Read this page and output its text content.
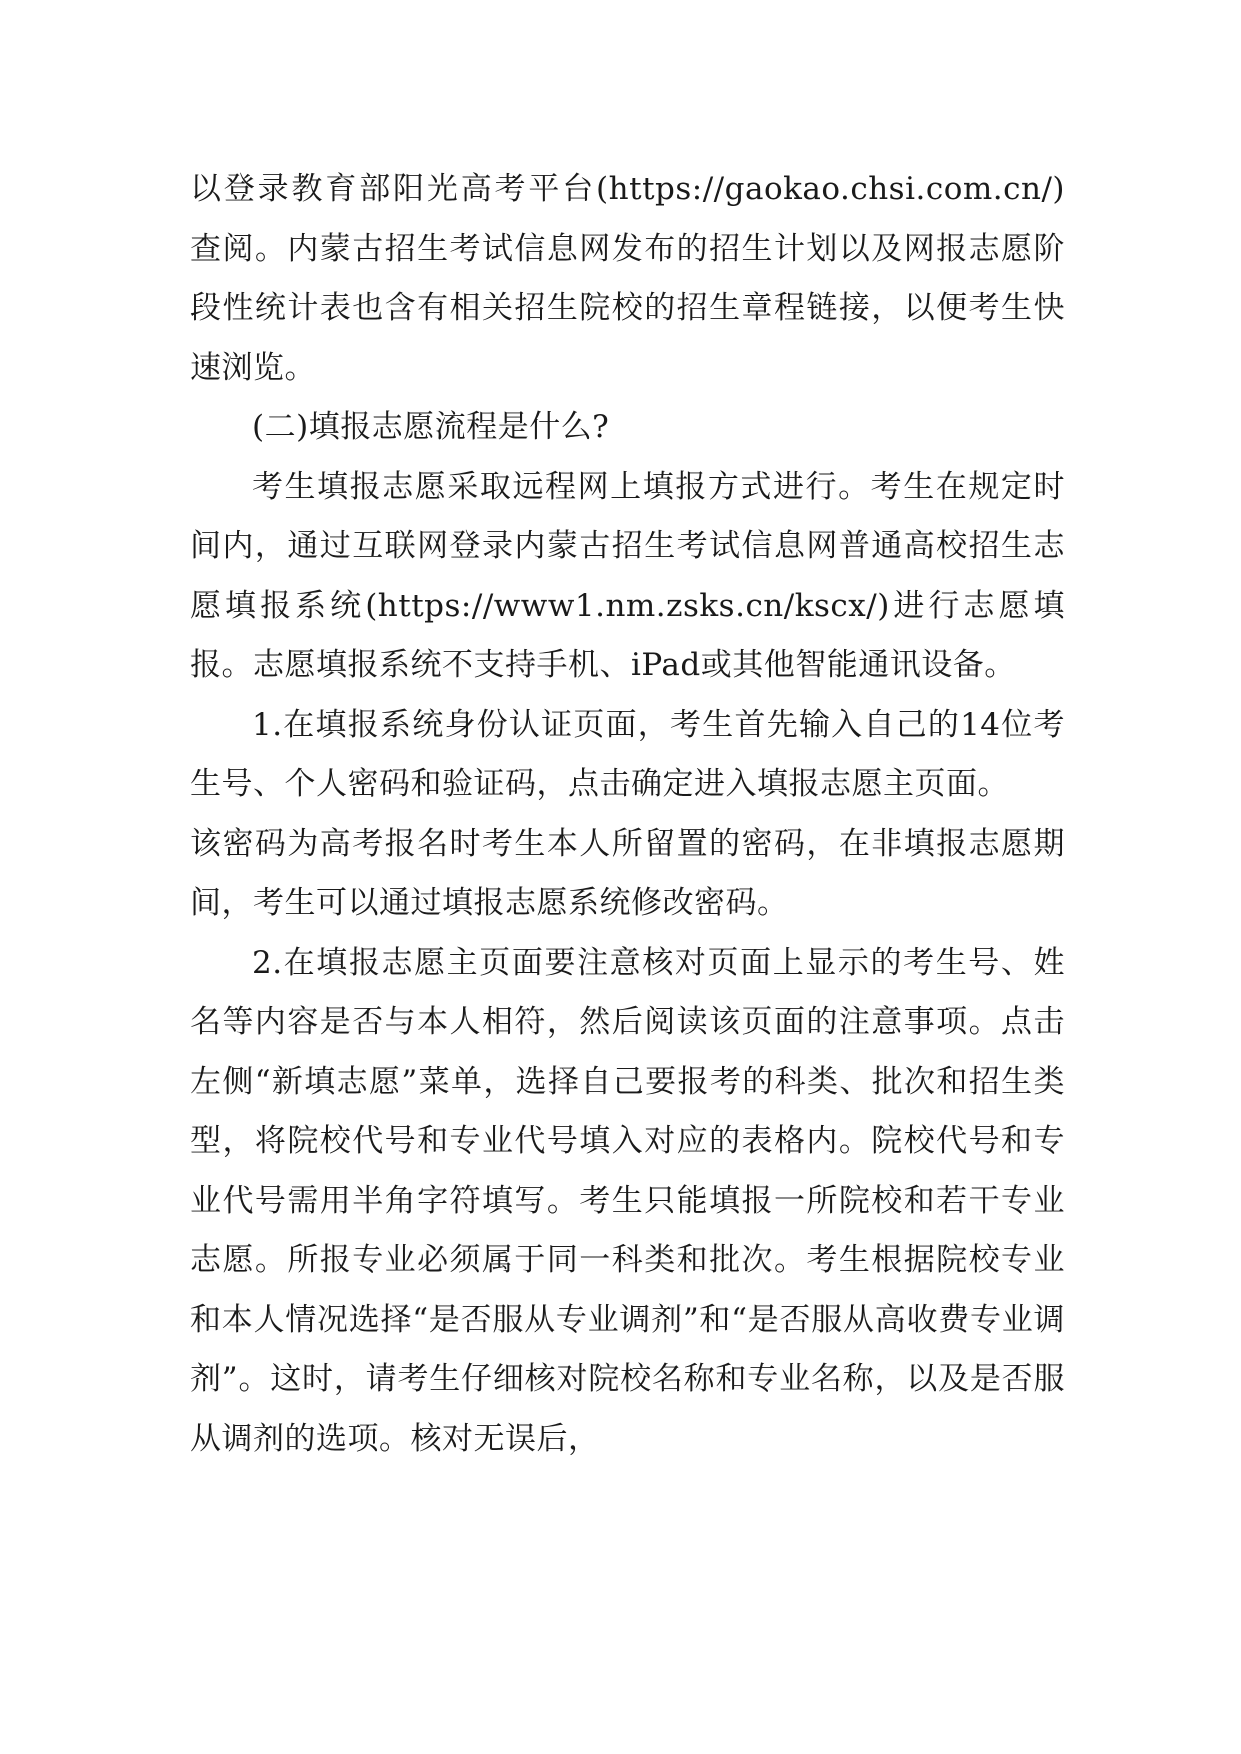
以登录教育部阳光高考平台(https://gaokao.chsi.com.cn/)查阅。内蒙古招生考试信息网发布的招生计划以及网报志愿阶段性统计表也含有相关招生院校的招生章程链接，以便考生快速浏览。

(二)填报志愿流程是什么?

考生填报志愿采取远程网上填报方式进行。考生在规定时间内，通过互联网登录内蒙古招生考试信息网普通高校招生志愿填报系统(https://www1.nm.zsks.cn/kscx/)进行志愿填报。志愿填报系统不支持手机、iPad或其他智能通讯设备。

1.在填报系统身份认证页面，考生首先输入自己的14位考生号、个人密码和验证码，点击确定进入填报志愿主页面。

该密码为高考报名时考生本人所留置的密码，在非填报志愿期间，考生可以通过填报志愿系统修改密码。

2.在填报志愿主页面要注意核对页面上显示的考生号、姓名等内容是否与本人相符，然后阅读该页面的注意事项。点击左侧“新填志愿”菜单，选择自己要报考的科类、批次和招生类型，将院校代号和专业代号填入对应的表格内。院校代号和专业代号需用半角字符填写。考生只能填报一所院校和若干专业志愿。所报专业必须属于同一科类和批次。考生根据院校专业和本人情况选择“是否服从专业调剂”和“是否服从高收费专业调剂”。这时，请考生仔细核对院校名称和专业名称，以及是否服从调剂的选项。核对无误后，
